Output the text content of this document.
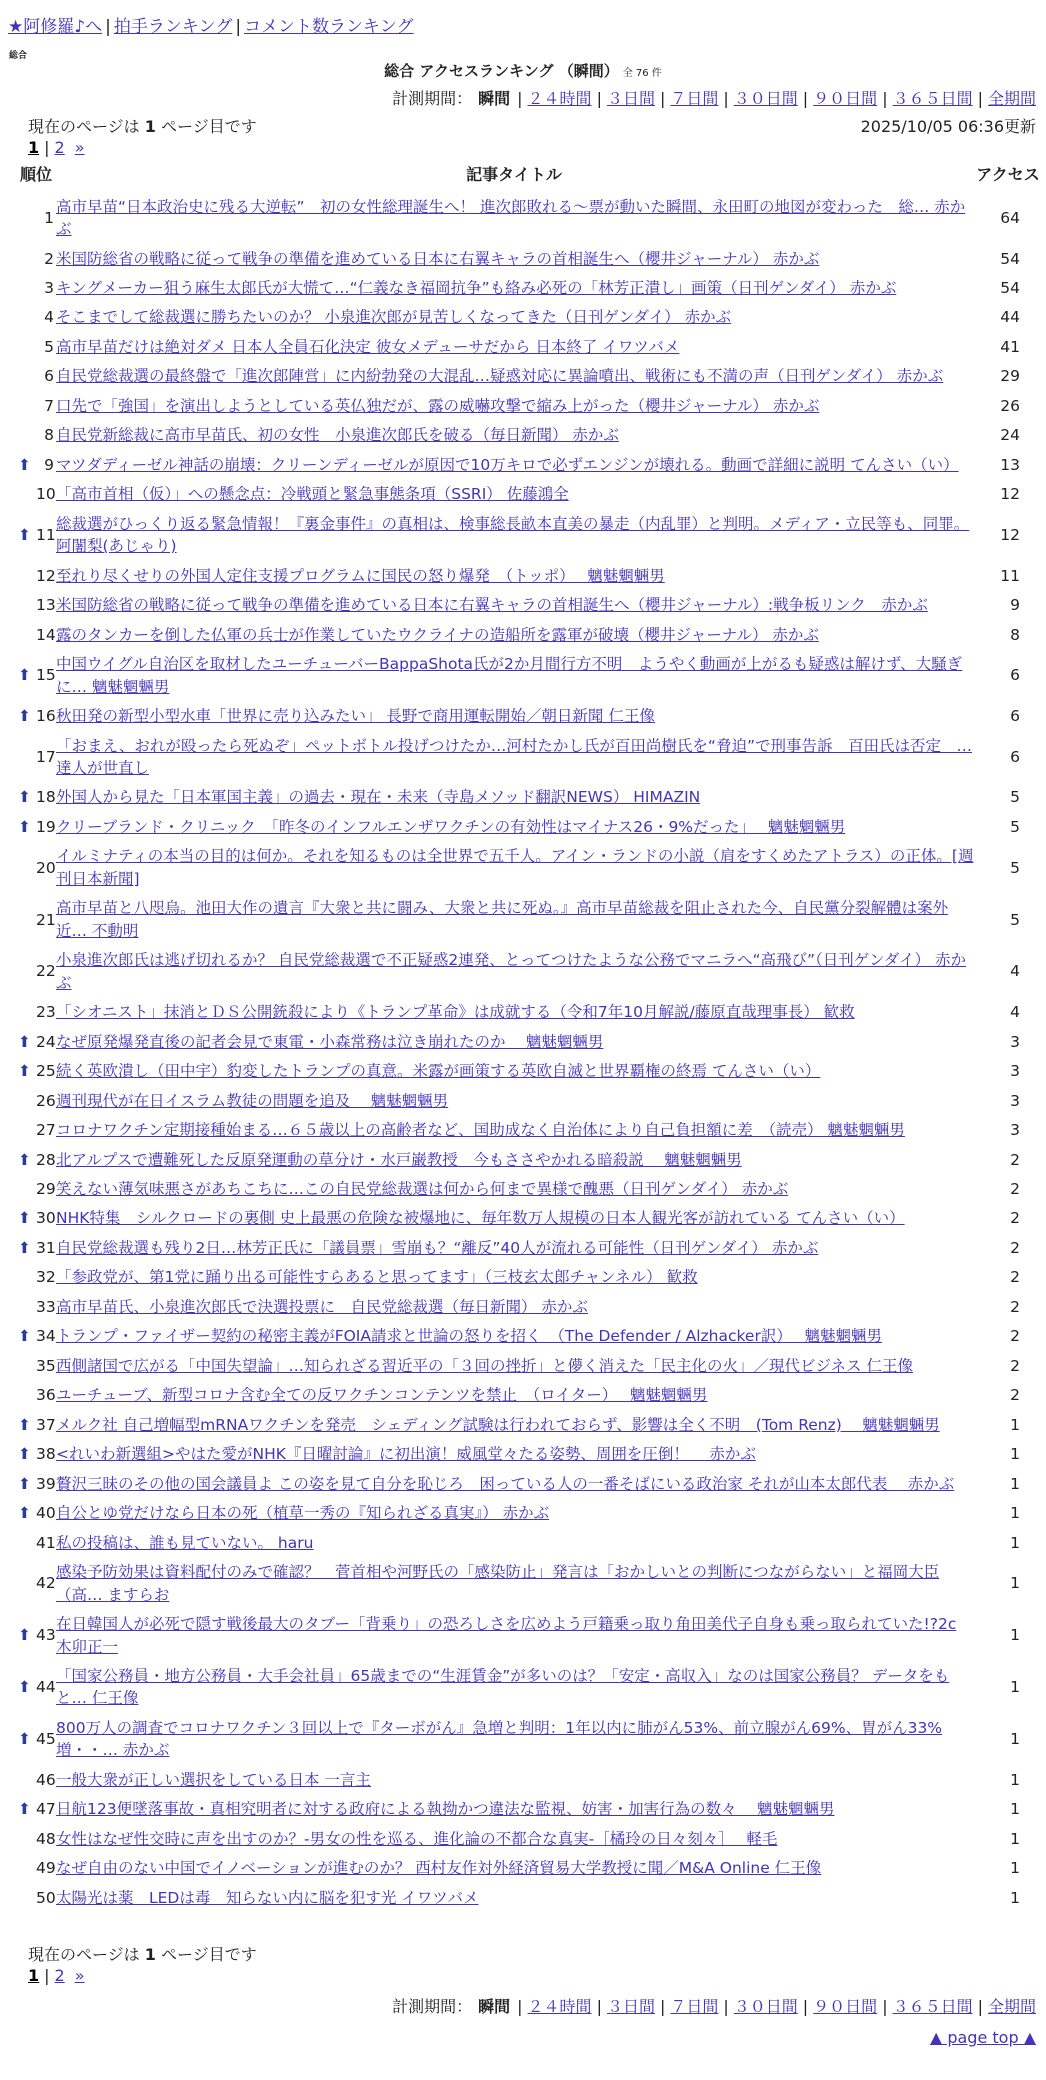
★阿修羅♪へ | 拍手ランキング | コメント数ランキング
総合
総合 アクセスランキング （瞬間） 全 76 件
計測期間： 瞬間 | ２４時間 | ３日間 | ７日間 | ３０日間 | ９０日間 | ３６５日間 | 全期間
現在のページは 1 ページ目です	2025/10/05 06:36更新
1 | 2 »
順位		記事タイトル	アクセス
	1	高市早苗“日本政治史に残る大逆転”　初の女性総理誕生へ！ 進次郎敗れる〜票が動いた瞬間、永田町の地図が変わった　総… 赤かぶ	64
	2	米国防総省の戦略に従って戦争の準備を進めている日本に右翼キャラの首相誕生へ（櫻井ジャーナル） 赤かぶ	54
	3	キングメーカー狙う麻生太郎氏が大慌て…“仁義なき福岡抗争”も絡み必死の「林芳正潰し」画策（日刊ゲンダイ） 赤かぶ	54
	4	そこまでして総裁選に勝ちたいのか？ 小泉進次郎が見苦しくなってきた（日刊ゲンダイ） 赤かぶ	44
	5	高市早苗だけは絶対ダメ 日本人全員石化決定 彼女メデューサだから 日本終了 イワツバメ	41
	6	自民党総裁選の最終盤で「進次郎陣営」に内紛勃発の大混乱…疑惑対応に異論噴出、戦術にも不満の声（日刊ゲンダイ） 赤かぶ	29
	7	口先で「強国」を演出しようとしている英仏独だが、露の威嚇攻撃で縮み上がった（櫻井ジャーナル） 赤かぶ	26
	8	自民党新総裁に高市早苗氏、初の女性　小泉進次郎氏を破る（毎日新聞） 赤かぶ	24
⬆	9	マツダディーゼル神話の崩壊：クリーンディーゼルが原因で10万キロで必ずエンジンが壊れる。動画で詳細に説明 てんさい（い）	13
	10	「高市首相（仮）」への懸念点：冷戦頭と緊急事態条項（SSRI） 佐藤鴻全	12
⬆	11	総裁選がひっくり返る緊急情報！『裏金事件』の真相は、検事総長畝本直美の暴走（内乱罪）と判明。メディア・立民等も、同罪。 阿闍梨(あじゃり)	12
	12	至れり尽くせりの外国人定住支援プログラムに国民の怒り爆発　（トッポ）　 魑魅魍魎男	11
	13	米国防総省の戦略に従って戦争の準備を進めている日本に右翼キャラの首相誕生へ（櫻井ジャーナル）:戦争板リンク　赤かぶ	9
	14	露のタンカーを倒した仏軍の兵士が作業していたウクライナの造船所を露軍が破壊（櫻井ジャーナル） 赤かぶ	8
⬆	15	中国ウイグル自治区を取材したユーチューバーBappaShota氏が2か月間行方不明　ようやく動画が上がるも疑惑は解けず、大騒ぎに… 魑魅魍魎男	6
⬆	16	秋田発の新型小型水車「世界に売り込みたい」 長野で商用運転開始／朝日新聞 仁王像	6
	17	「おまえ、おれが殴ったら死ぬぞ」ペットボトル投げつけたか…河村たかし氏が百田尚樹氏を“脅迫”で刑事告訴　百田氏は否定　… 達人が世直し	6
⬆	18	外国人から見た「日本軍国主義」の過去・現在・未来（寺島メソッド翻訳NEWS） HIMAZIN	5
⬆	19	クリーブランド・クリニック　「昨冬のインフルエンザワクチンの有効性はマイナス26・9%だった」　 魑魅魍魎男	5
	20	イルミナティの本当の目的は何か。それを知るものは全世界で五千人。アイン・ランドの小説（肩をすくめたアトラス）の正体。[週刊日本新聞]	5
	21	高市早苗と八咫烏。池田大作の遺言『大衆と共に闘み、大衆と共に死ぬ。』高市早苗総裁を阻止された今、自民黨分裂解體は案外近… 不動明	5
	22	小泉進次郎氏は逃げ切れるか？ 自民党総裁選で不正疑惑2連発、とってつけたような公務でマニラへ“高飛び”（日刊ゲンダイ） 赤かぶ	4
	23	「シオニスト」抹消とＤＳ公開銃殺により《トランプ革命》は成就する（令和7年10月解説/藤原直哉理事長） 歓救	4
⬆	24	なぜ原発爆発直後の記者会見で東電・小森常務は泣き崩れたのか　 魑魅魍魎男	3
⬆	25	続く英欧潰し（田中宇）豹変したトランプの真意。米露が画策する英欧自滅と世界覇権の終焉 てんさい（い）	3
	26	週刊現代が在日イスラム教徒の問題を追及　 魑魅魍魎男	3
	27	コロナワクチン定期接種始まる…６５歳以上の高齢者など、国助成なく自治体により自己負担額に差　（読売） 魑魅魍魎男	3
⬆	28	北アルプスで遭難死した反原発運動の草分け・水戸巌教授　今もささやかれる暗殺説　 魑魅魍魎男	2
	29	笑えない薄気味悪さがあちこちに…この自民党総裁選は何から何まで異様で醜悪（日刊ゲンダイ） 赤かぶ	2
⬆	30	NHK特集　シルクロードの裏側 史上最悪の危険な被爆地に、毎年数万人規模の日本人観光客が訪れている てんさい（い）	2
⬆	31	自民党総裁選も残り2日…林芳正氏に「議員票」雪崩も？“離反”40人が流れる可能性（日刊ゲンダイ） 赤かぶ	2
	32	「参政党が、第1党に踊り出る可能性すらあると思ってます」（三枝玄太郎チャンネル） 歓救	2
	33	高市早苗氏、小泉進次郎氏で決選投票に　自民党総裁選（毎日新聞） 赤かぶ	2
⬆	34	トランプ・ファイザー契約の秘密主義がFOIA請求と世論の怒りを招く　（The Defender / Alzhacker訳）　 魑魅魍魎男	2
	35	西側諸国で広がる「中国失望論」…知られざる習近平の「３回の挫折」と儚く消えた「民主化の火」／現代ビジネス 仁王像	2
	36	ユーチューブ、新型コロナ含む全ての反ワクチンコンテンツを禁止　（ロイター）　 魑魅魍魎男	2
⬆	37	メルク社 自己増幅型mRNAワクチンを発売　シェディング試験は行われておらず、影響は全く不明　(Tom Renz)　 魑魅魍魎男	1
⬆	38	<れいわ新選組>やはた愛がNHK『日曜討論』に初出演！威風堂々たる姿勢、周囲を圧倒！　 赤かぶ	1
⬆	39	贅沢三昧のその他の国会議員よ この姿を見て自分を恥じろ　困っている人の一番そばにいる政治家 それが山本太郎代表　 赤かぶ	1
⬆	40	自公とゆ党だけなら日本の死（植草一秀の『知られざる真実』） 赤かぶ	1
	41	私の投稿は、誰も見ていない。 haru	1
	42	感染予防効果は資料配付のみで確認？　菅首相や河野氏の「感染防止」発言は「おかしいとの判断につながらない」と福岡大臣（高… ますらお	1
⬆	43	在日韓国人が必死で隠す戦後最大のタブー「背乗り」の恐ろしさを広めよう戸籍乗っ取り角田美代子自身も乗っ取られていた!?2c 木卯正一	1
⬆	44	「国家公務員・地方公務員・大手会社員」65歳までの“生涯賃金”が多いのは？「安定・高収入」なのは国家公務員？ データをもと… 仁王像	1
⬆	45	800万人の調査でコロナワクチン３回以上で『ターボがん』急増と判明：1年以内に肺がん53%、前立腺がん69%、胃がん33%増・・… 赤かぶ	1
	46	一般大衆が正しい選択をしている日本 一言主	1
⬆	47	日航123便墜落事故・真相究明者に対する政府による執拗かつ違法な監視、妨害・加害行為の数々　 魑魅魍魎男	1
	48	女性はなぜ性交時に声を出すのか？-男女の性を巡る、進化論の不都合な真実-［橘玲の日々刻々］　 軽毛	1
	49	なぜ自由のない中国でイノベーションが進むのか？ 西村友作対外経済貿易大学教授に聞／M&A Online 仁王像	1
	50	太陽光は薬　LEDは毒　知らない内に脳を犯す光 イワツバメ	1
現在のページは 1 ページ目です
1 | 2 »
計測期間： 瞬間 | ２４時間 | ３日間 | ７日間 | ３０日間 | ９０日間 | ３６５日間 | 全期間
▲ page top ▲
